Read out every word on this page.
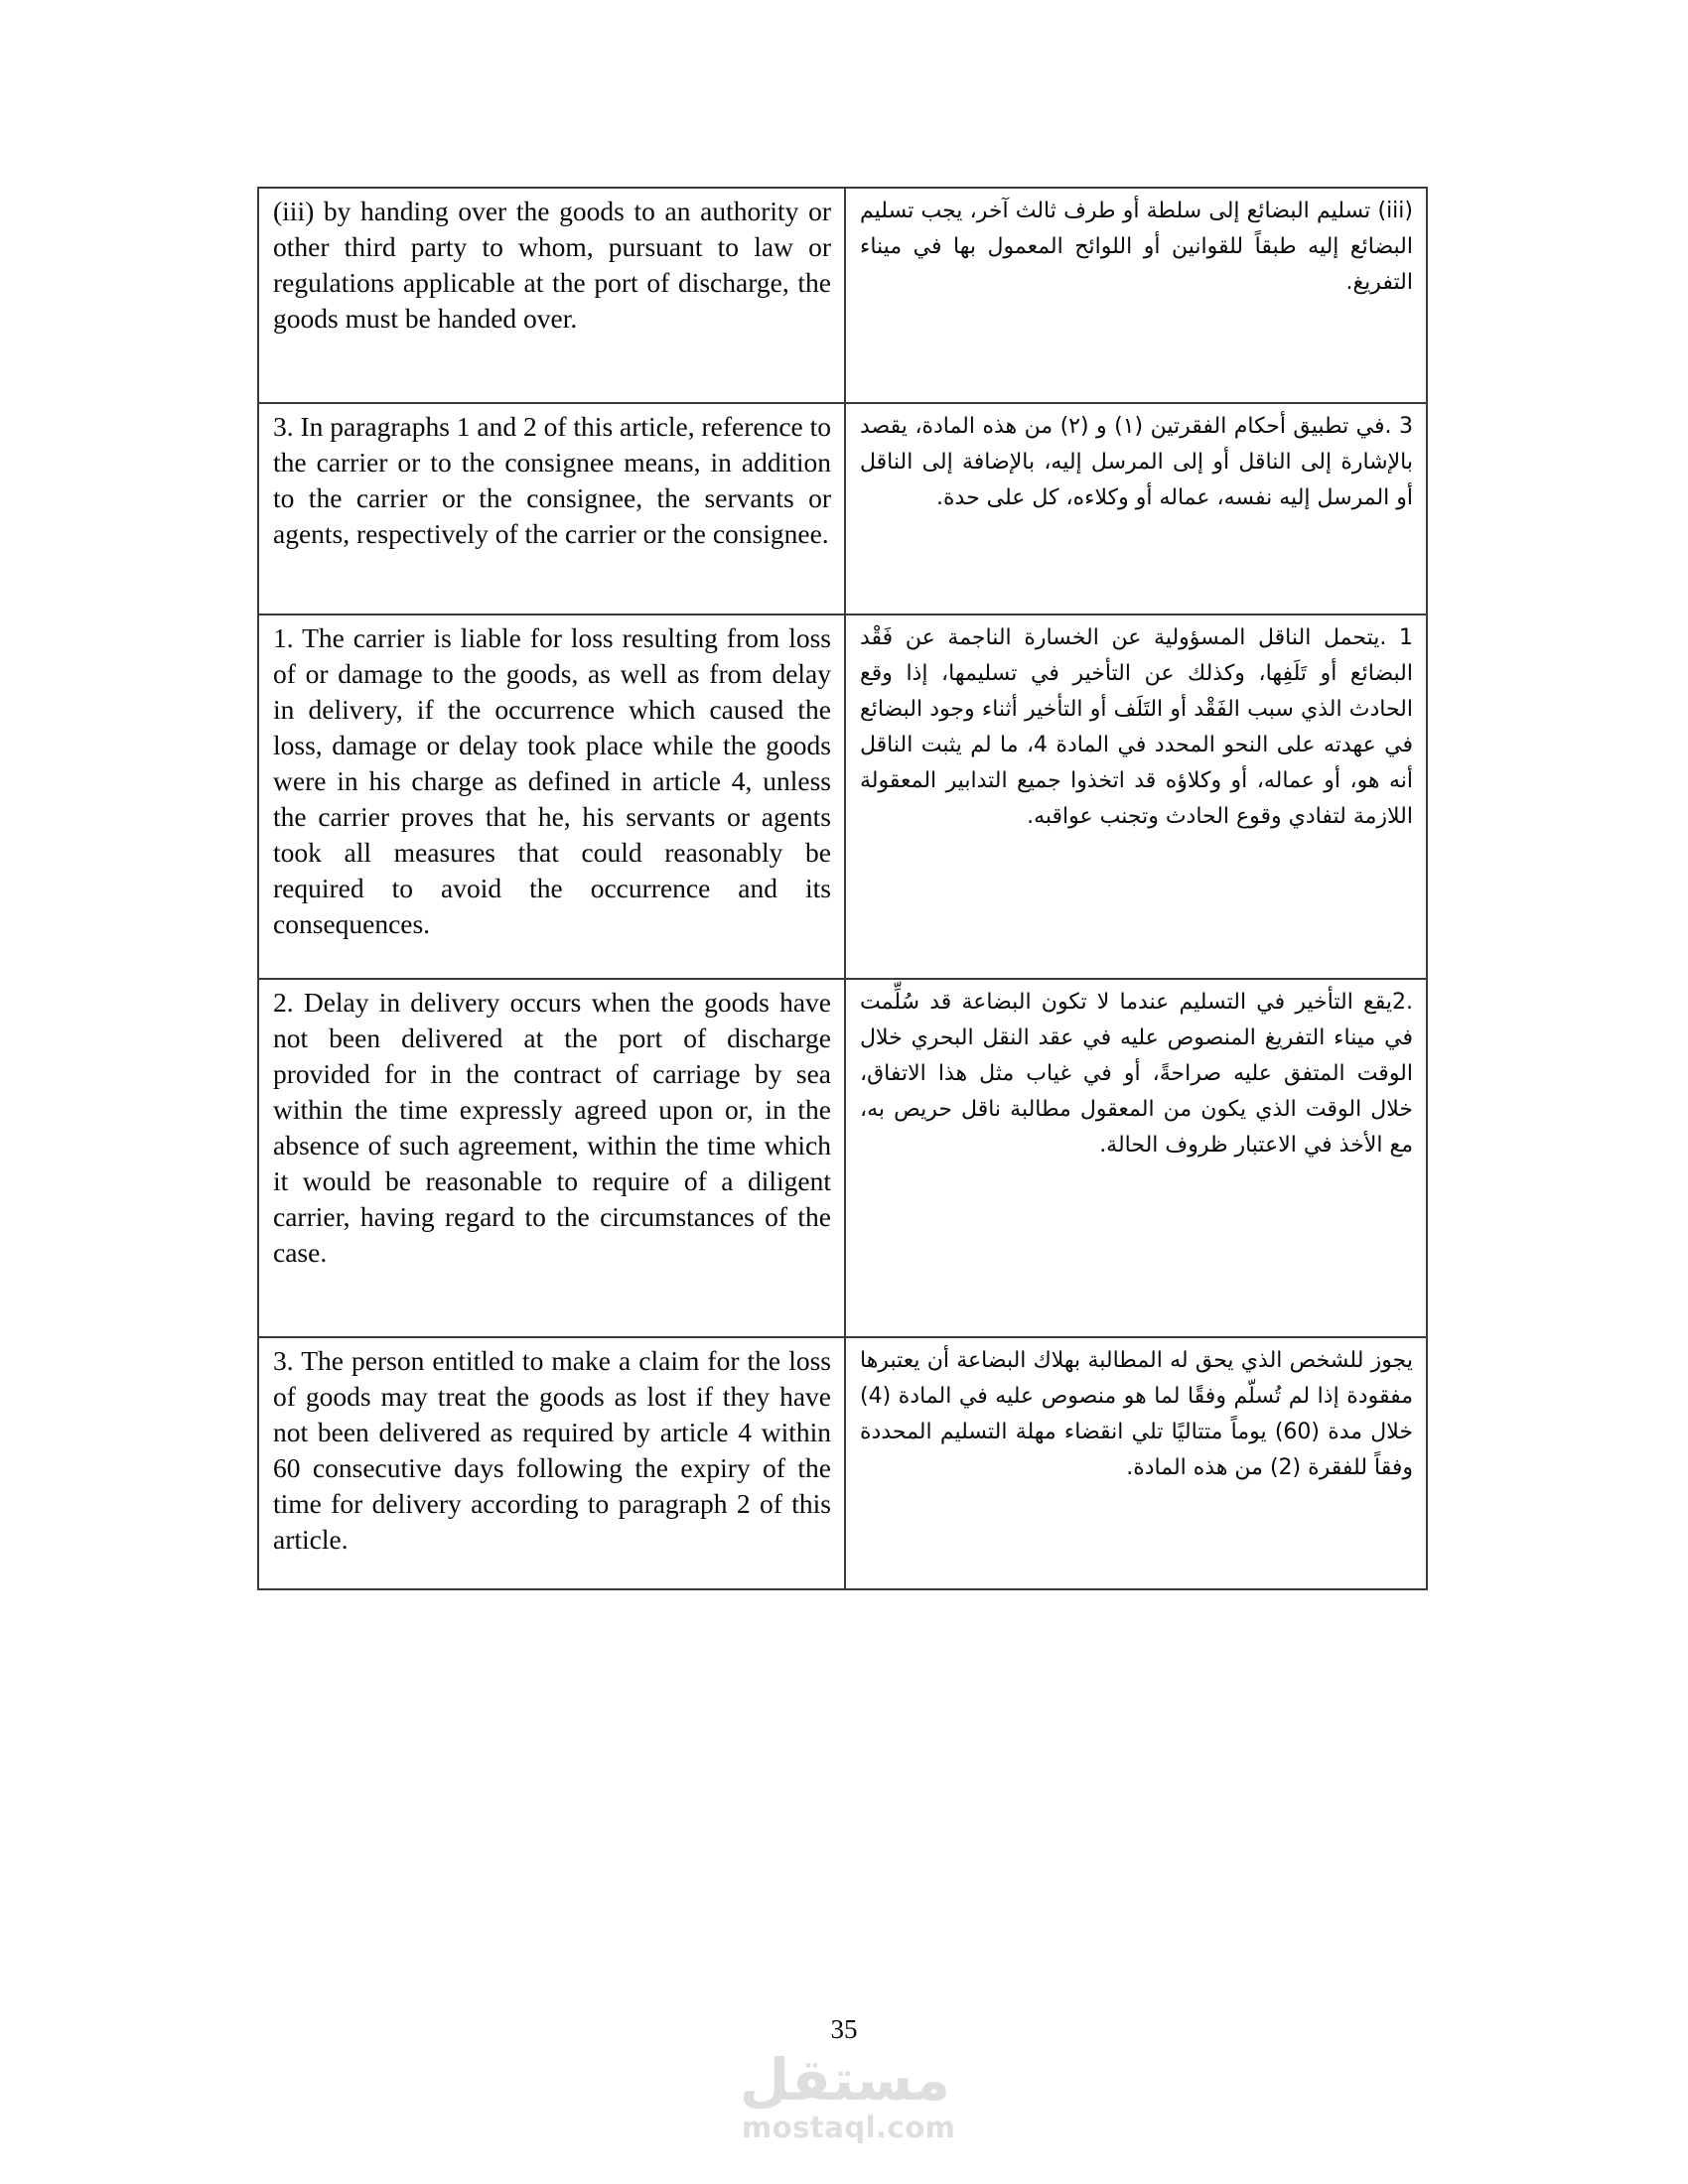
(iii) by handing over the goods to an authority or other third party to whom, pursuant to law or regulations applicable at the port of discharge, the goods must be handed over.	(iii) تسليم البضائع إلى سلطة أو طرف ثالث آخر، يجب تسليم البضائع إليه طبقاً للقوانين أو اللوائح المعمول بها في ميناء التفريغ.
3. In paragraphs 1 and 2 of this article, reference to the carrier or to the consignee means, in addition to the carrier or the consignee, the servants or agents, respectively of the carrier or the consignee.	3 .في تطبيق أحكام الفقرتين (١) و (٢) من هذه المادة، يقصد بالإشارة إلى الناقل أو إلى المرسل إليه، بالإضافة إلى الناقل أو المرسل إليه نفسه، عماله أو وكلاءه، كل على حدة.
1. The carrier is liable for loss resulting from loss of or damage to the goods, as well as from delay in delivery, if the occurrence which caused the loss, damage or delay took place while the goods were in his charge as defined in article 4, unless the carrier proves that he, his servants or agents took all measures that could reasonably be required to avoid the occurrence and its consequences.	1 .يتحمل الناقل المسؤولية عن الخسارة الناجمة عن فَقْد البضائع أو تَلَفِها، وكذلك عن التأخير في تسليمها، إذا وقع الحادث الذي سبب الفَقْد أو التَلَف أو التأخير أثناء وجود البضائع في عهدته على النحو المحدد في المادة 4، ما لم يثبت الناقل أنه هو، أو عماله، أو وكلاؤه قد اتخذوا جميع التدابير المعقولة اللازمة لتفادي وقوع الحادث وتجنب عواقبه.
2. Delay in delivery occurs when the goods have not been delivered at the port of discharge provided for in the contract of carriage by sea within the time expressly agreed upon or, in the absence of such agreement, within the time which it would be reasonable to require of a diligent carrier, having regard to the circumstances of the case.	.2يقع التأخير في التسليم عندما لا تكون البضاعة قد سُلِّمت في ميناء التفريغ المنصوص عليه في عقد النقل البحري خلال الوقت المتفق عليه صراحةً، أو في غياب مثل هذا الاتفاق، خلال الوقت الذي يكون من المعقول مطالبة ناقل حريص به، مع الأخذ في الاعتبار ظروف الحالة.
3. The person entitled to make a claim for the loss of goods may treat the goods as lost if they have not been delivered as required by article 4 within 60 consecutive days following the expiry of the time for delivery according to paragraph 2 of this article.	يجوز للشخص الذي يحق له المطالبة بهلاك البضاعة أن يعتبرها مفقودة إذا لم تُسلّم وفقًا لما هو منصوص عليه في المادة (4) خلال مدة (60) يوماً متتاليًا تلي انقضاء مهلة التسليم المحددة وفقاً للفقرة (2) من هذه المادة.
35
مستقل
mostaql.com
